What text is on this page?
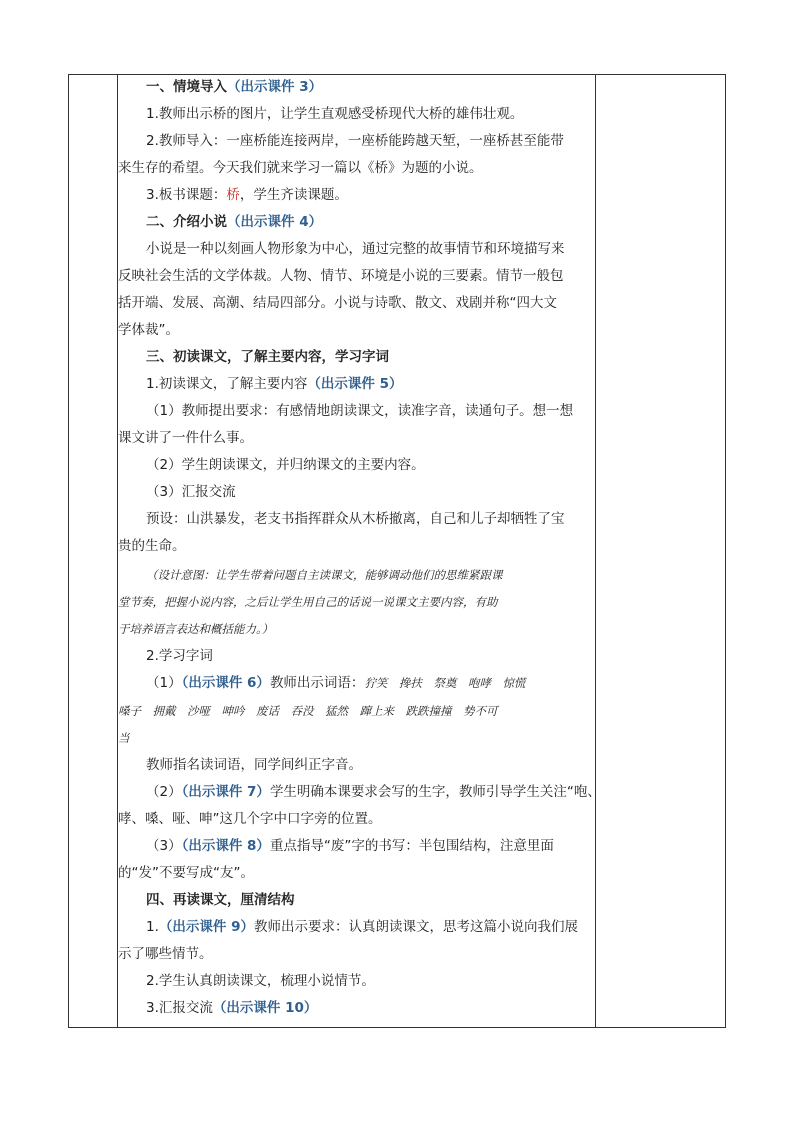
一、情境导入（出示课件 3）
1.教师出示桥的图片，让学生直观感受桥现代大桥的雄伟壮观。
2.教师导入：一座桥能连接两岸，一座桥能跨越天堑，一座桥甚至能带
来生存的希望。今天我们就来学习一篇以《桥》为题的小说。
3.板书课题：桥，学生齐读课题。
二、介绍小说（出示课件 4）
小说是一种以刻画人物形象为中心，通过完整的故事情节和环境描写来
反映社会生活的文学体裁。人物、情节、环境是小说的三要素。情节一般包
括开端、发展、高潮、结局四部分。小说与诗歌、散文、戏剧并称“四大文
学体裁”。
三、初读课文，了解主要内容，学习字词
1.初读课文，了解主要内容（出示课件 5）
（1）教师提出要求：有感情地朗读课文，读准字音，读通句子。想一想
课文讲了一件什么事。
（2）学生朗读课文，并归纳课文的主要内容。
（3）汇报交流
预设：山洪暴发，老支书指挥群众从木桥撤离，自己和儿子却牺牲了宝
贵的生命。
（设计意图：让学生带着问题自主读课文，能够调动他们的思维紧跟课
堂节奏，把握小说内容，之后让学生用自己的话说一说课文主要内容，有助
于培养语言表达和概括能力。）
2.学习字词
（1）（出示课件 6）教师出示词语：狞笑　搀扶　祭奠　咆哮　惊慌
嗓子　拥戴　沙哑　呻吟　废话　吞没　猛然　蹿上来　跌跌撞撞　势不可
当
教师指名读词语，同学间纠正字音。
（2）（出示课件 7）学生明确本课要求会写的生字，教师引导学生关注“咆、
哮、嗓、哑、呻”这几个字中口字旁的位置。
（3）（出示课件 8）重点指导“废”字的书写：半包围结构，注意里面
的“发”不要写成“友”。
四、再读课文，厘清结构
1.（出示课件 9）教师出示要求：认真朗读课文，思考这篇小说向我们展
示了哪些情节。
2.学生认真朗读课文，梳理小说情节。
3.汇报交流（出示课件 10）
